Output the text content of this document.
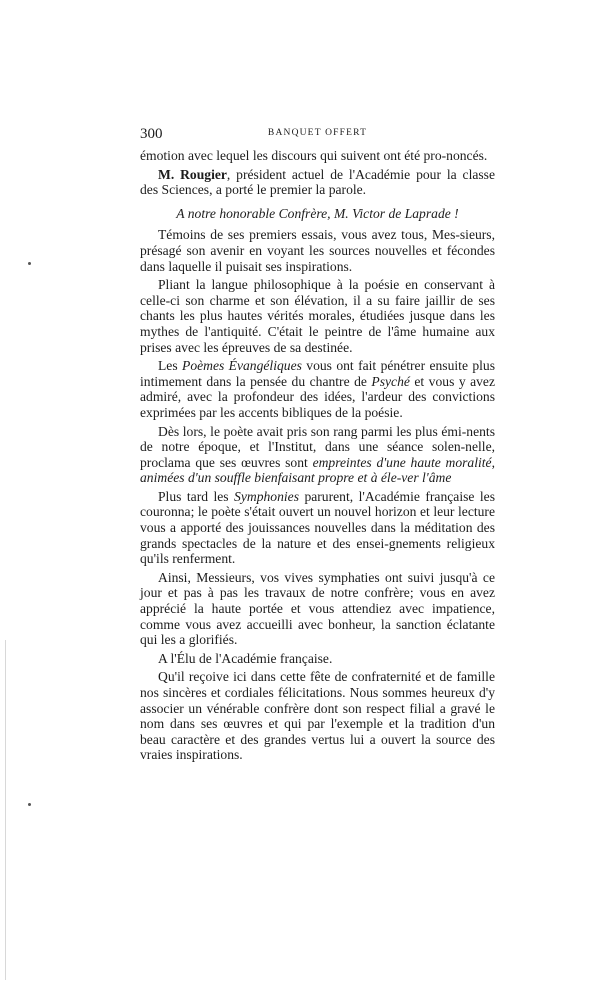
300	BANQUET OFFERT

émotion avec lequel les discours qui suivent ont été pro-noncés.

M. Rougier, président actuel de l'Académie pour la classe des Sciences, a porté le premier la parole.

A notre honorable Confrère, M. Victor de Laprade !

Témoins de ses premiers essais, vous avez tous, Mes-sieurs, présagé son avenir en voyant les sources nouvelles et fécondes dans laquelle il puisait ses inspirations.

Pliant la langue philosophique à la poésie en conservant à celle-ci son charme et son élévation, il a su faire jaillir de ses chants les plus hautes vérités morales, étudiées jusque dans les mythes de l'antiquité. C'était le peintre de l'âme humaine aux prises avec les épreuves de sa destinée.

Les Poèmes Évangéliques vous ont fait pénétrer ensuite plus intimement dans la pensée du chantre de Psyché et vous y avez admiré, avec la profondeur des idées, l'ardeur des convictions exprimées par les accents bibliques de la poésie.

Dès lors, le poète avait pris son rang parmi les plus émi-nents de notre époque, et l'Institut, dans une séance solen-nelle, proclama que ses œuvres sont empreintes d'une haute moralité, animées d'un souffle bienfaisant propre et à éle-ver l'âme

Plus tard les Symphonies parurent, l'Académie française les couronna; le poète s'était ouvert un nouvel horizon et leur lecture vous a apporté des jouissances nouvelles dans la méditation des grands spectacles de la nature et des ensei-gnements religieux qu'ils renferment.

Ainsi, Messieurs, vos vives symphaties ont suivi jusqu'à ce jour et pas à pas les travaux de notre confrère; vous en avez apprécié la haute portée et vous attendiez avec impatience, comme vous avez accueilli avec bonheur, la sanction éclatante qui les a glorifiés.

A l'Élu de l'Académie française.

Qu'il reçoive ici dans cette fête de confraternité et de famille nos sincères et cordiales félicitations. Nous sommes heureux d'y associer un vénérable confrère dont son respect filial a gravé le nom dans ses œuvres et qui par l'exemple et la tradition d'un beau caractère et des grandes vertus lui a ouvert la source des vraies inspirations.
